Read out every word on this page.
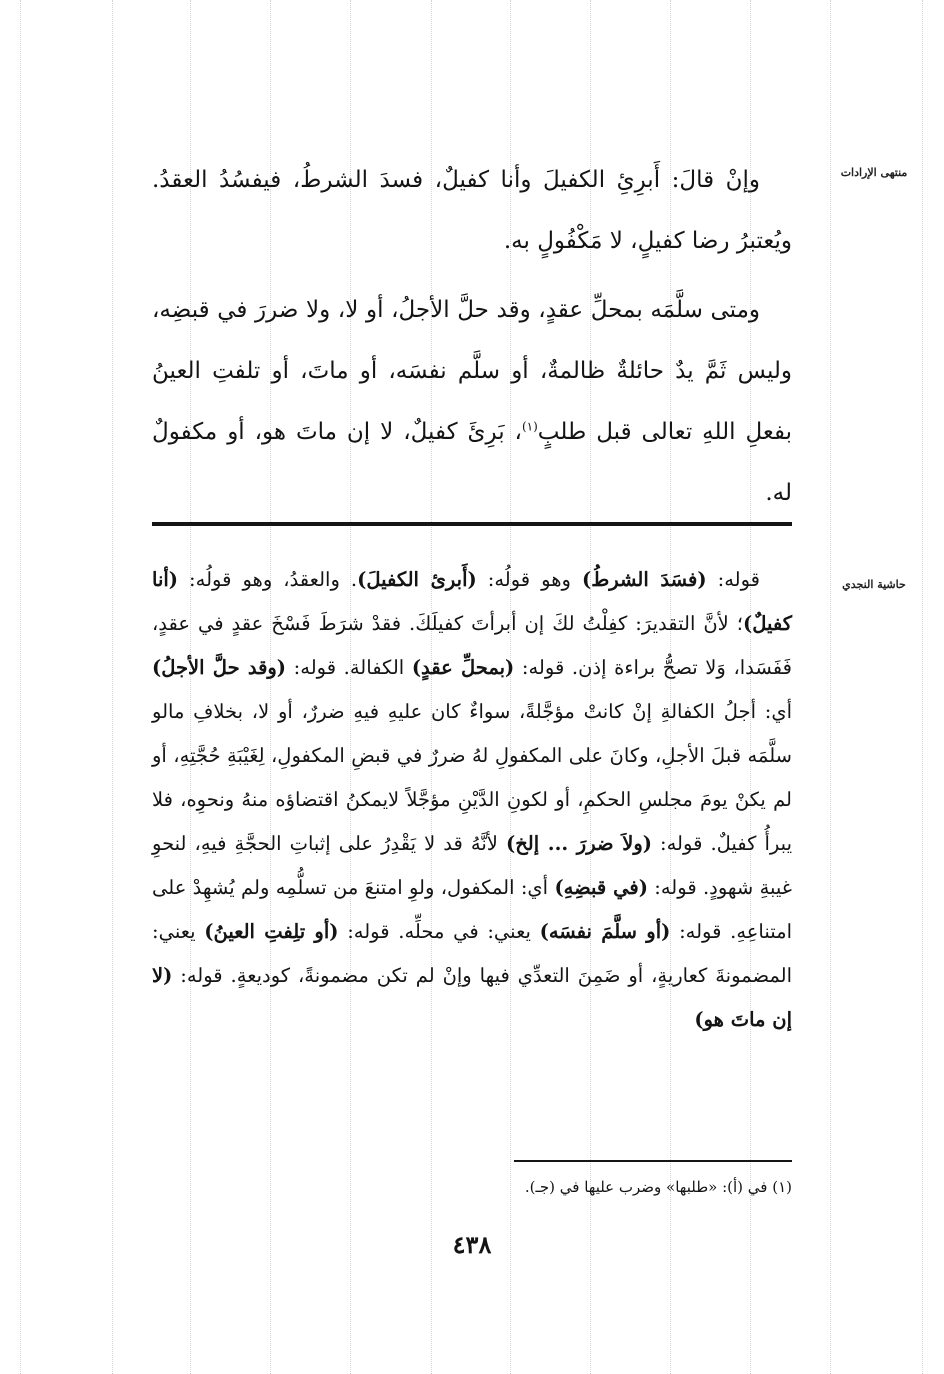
منتهى الإرادات

وإنْ قالَ: أَبرِئِ الكفيلَ وأنا كفيلٌ، فسدَ الشرطُ، فيفسُدُ العقدُ. ويُعتبرُ رضا كفيلٍ، لا مَكْفُولٍ به.

ومتى سلَّمَه بمحلِّ عقدٍ، وقد حلَّ الأجلُ، أو لا، ولا ضررَ في قبضِه، وليس ثَمَّ يدٌ حائلةٌ ظالمةٌ، أو سلَّم نفسَه، أو ماتَ، أو تلفتِ العينُ بفعلِ اللهِ تعالى قبل طلبٍ$^{(١)}$، بَرِئَ كفيلٌ، لا إن ماتَ هو، أو مكفولٌ له.

حاشية النجدي

قوله: (فسَدَ الشرطُ) وهو قولُه: (أَبرئ الكفيلَ). والعقدُ، وهو قولُه: (أنا كفيلٌ)؛ لأنَّ التقديرَ: كفِلْتُ لكَ إن أبرأتَ كفيلَكَ. فقدْ شرَطَ فَسْخَ عقدٍ في عقدٍ، فَفَسَدا، وَلا تصحُّ براءة إذن. قوله: (بمحلِّ عقدٍ) الكفالة. قوله: (وقد حلَّ الأجلُ) أي: أجلُ الكفالةِ إنْ كانتْ مؤجَّلةً، سواءٌ كان عليهِ فيهِ ضررٌ، أو لا، بخلافِ مالو سلَّمَه قبلَ الأجلِ، وكانَ على المكفولِ لهُ ضررٌ في قبضِ المكفولِ، لِغَيْبَةِ حُجَّتِهِ، أو لم يكنْ يومَ مجلسِ الحكمِ، أو لكونِ الدَّيْنِ مؤجَّلاً لايمكنُ اقتضاؤه منهُ ونحوِه، فلا يبرأُ كفيلٌ. قوله: (ولاَ ضررَ ... إلخ) لأنَّهُ قد لا يَقْدِرُ على إثباتِ الحجَّةِ فيهِ، لنحوِ غيبةِ شهودٍ. قوله: (في قبضِهِ) أي: المكفول، ولوِ امتنعَ من تسلُّمِه ولم يُشهِدْ على امتناعِهِ. قوله: (أو سلَّمَ نفسَه) يعني: في محلِّه. قوله: (أو تلِفتِ العينُ) يعني: المضمونةَ كعاريةٍ، أو ضَمِنَ التعدِّي فيها وإنْ لم تكن مضمونةً، كوديعةٍ. قوله: (لا إن ماتَ هو)

(١) في (أ): «طلبها» وضرب عليها في (جـ).

٤٣٨
